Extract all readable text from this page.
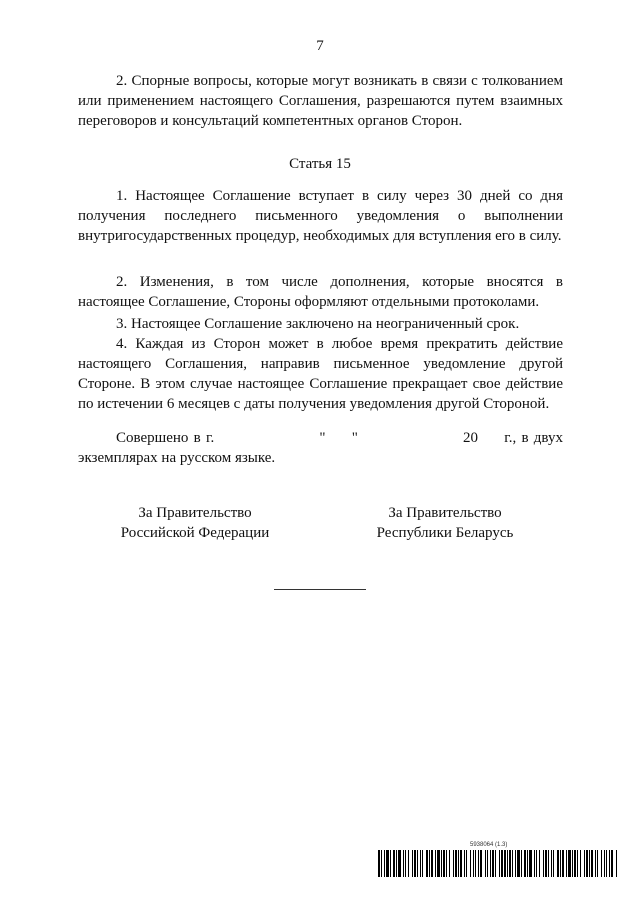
7

2. Спорные вопросы, которые могут возникать в связи с толкованием или применением настоящего Соглашения, разрешаются путем взаимных переговоров и консультаций компетентных органов Сторон.

Статья 15

1. Настоящее Соглашение вступает в силу через 30 дней со дня получения последнего письменного уведомления о выполнении внутригосударственных процедур, необходимых для вступления его в силу.

2. Изменения, в том числе дополнения, которые вносятся в настоящее Соглашение, Стороны оформляют отдельными протоколами.

3. Настоящее Соглашение заключено на неограниченный срок.

4. Каждая из Сторон может в любое время прекратить действие настоящего Соглашения, направив письменное уведомление другой Стороне. В этом случае настоящее Соглашение прекращает свое действие по истечении 6 месяцев с даты получения уведомления другой Стороной.

Совершено в г.                    "     "                    20     г., в двух экземплярах на русском языке.

За Правительство
Российской Федерации
За Правительство
Республики Беларусь
5938064 (1.3)
